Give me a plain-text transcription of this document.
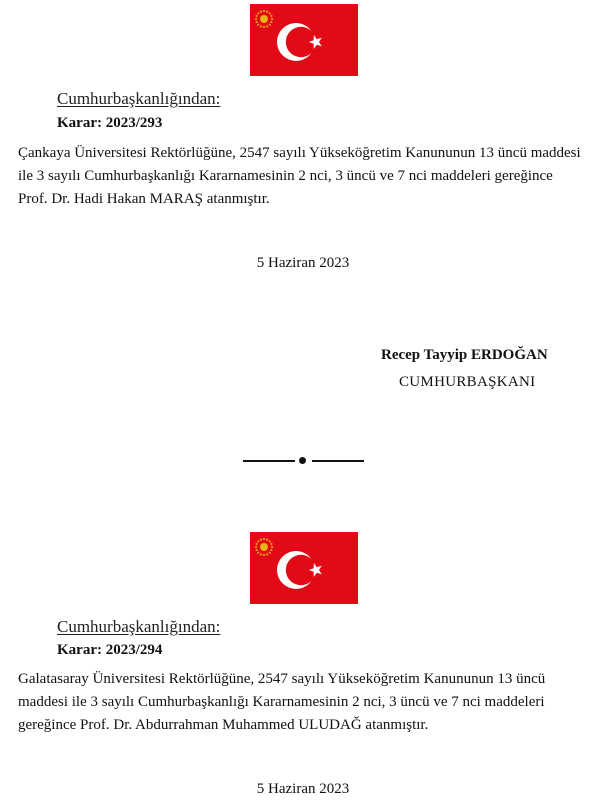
Cumhurbaşkanlığından:
Karar: 2023/293
Çankaya Üniversitesi Rektörlüğüne, 2547 sayılı Yükseköğretim Kanununun 13 üncü maddesi
ile 3 sayılı Cumhurbaşkanlığı Kararnamesinin 2 nci, 3 üncü ve 7 nci maddeleri gereğince
Prof. Dr. Hadi Hakan MARAŞ atanmıştır.
5 Haziran 2023
Recep Tayyip ERDOĞAN
CUMHURBAŞKANI
Cumhurbaşkanlığından:
Karar: 2023/294
Galatasaray Üniversitesi Rektörlüğüne, 2547 sayılı Yükseköğretim Kanununun 13 üncü
maddesi ile 3 sayılı Cumhurbaşkanlığı Kararnamesinin 2 nci, 3 üncü ve 7 nci maddeleri
gereğince Prof. Dr. Abdurrahman Muhammed ULUDAĞ atanmıştır.
5 Haziran 2023
